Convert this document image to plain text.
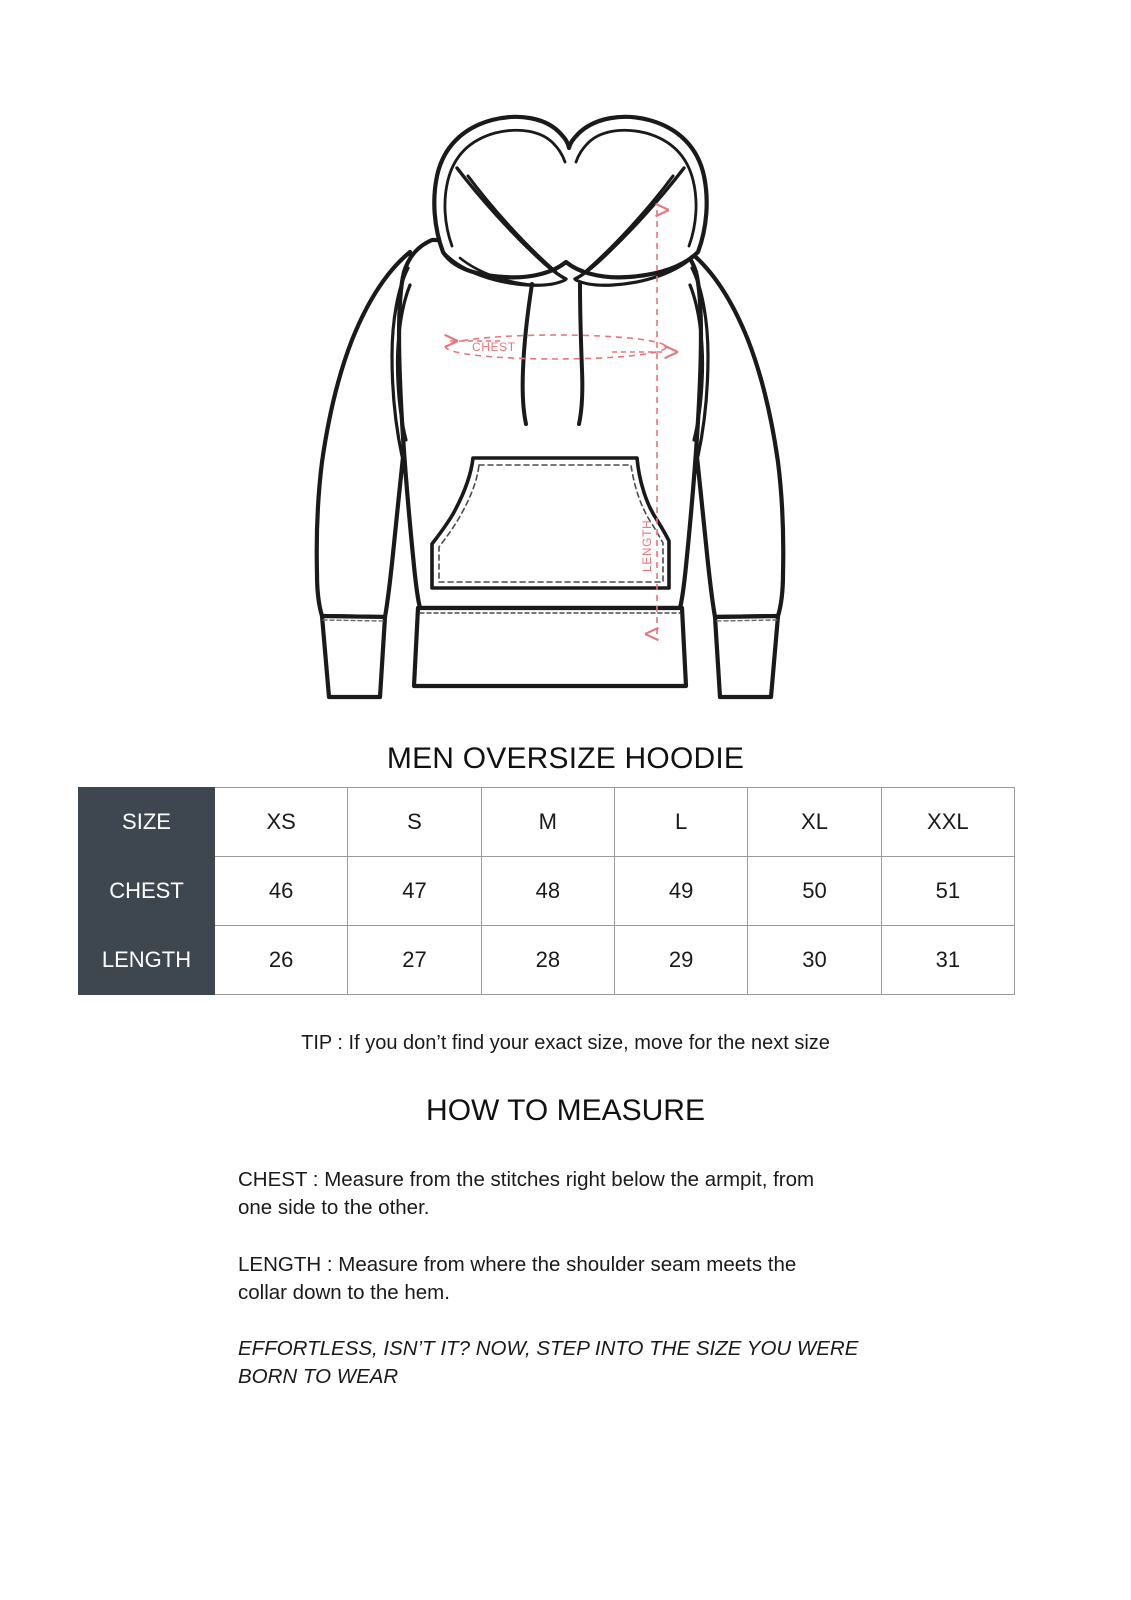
CHEST
LENGTH
MEN OVERSIZE HOODIE
SIZE	XS	S	M	L	XL	XXL
CHEST	46	47	48	49	50	51
LENGTH	26	27	28	29	30	31
TIP : If you don’t find your exact size, move for the next size
HOW TO MEASURE

CHEST : Measure from the stitches right below the armpit, from
one side to the other.

LENGTH : Measure from where the shoulder seam meets the
collar down to the hem.

EFFORTLESS, ISN’T IT? NOW, STEP INTO THE SIZE YOU WERE
BORN TO WEAR
